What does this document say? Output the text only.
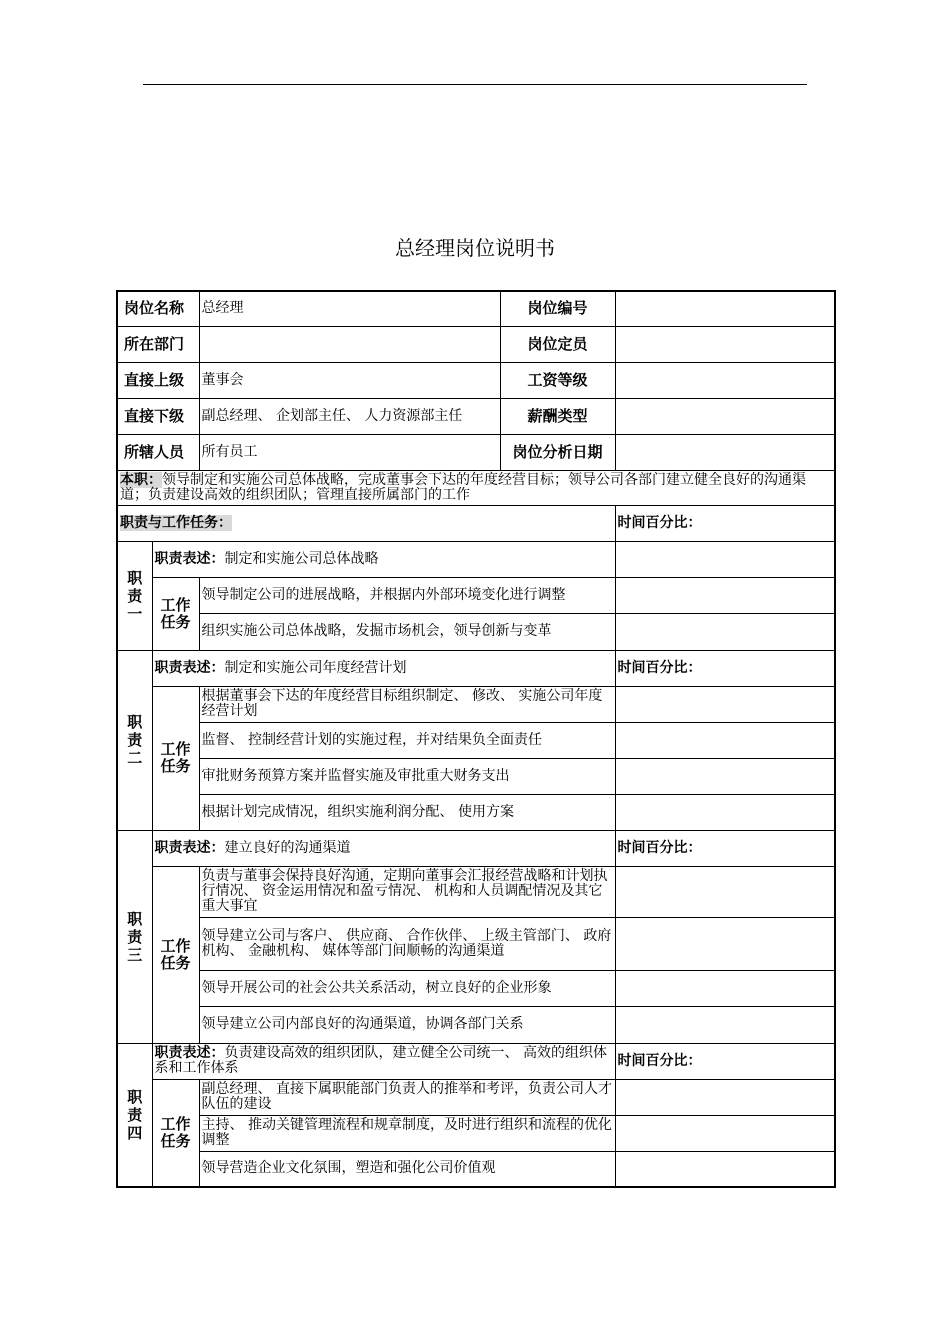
总经理岗位说明书
岗位名称		总经理	岗位编号	
所在部门			岗位定员	
直接上级		董事会	工资等级	
直接下级		副总经理、 企划部主任、 人力资源部主任	薪酬类型	
所辖人员		所有员工	岗位分析日期	
本职：领导制定和实施公司总体战略，完成董事会下达的年度经营目标；领导公司各部门建立健全良好的沟通渠道；负责建设高效的组织团队；管理直接所属部门的工作				
职责与工作任务：				时间百分比：
职责一	职责表述：制定和实施公司总体战略			
	工作任务	领导制定公司的进展战略，并根据内外部环境变化进行调整		
		组织实施公司总体战略，发掘市场机会，领导创新与变革		
职责二	职责表述：制定和实施公司年度经营计划			时间百分比：
	工作任务	根据董事会下达的年度经营目标组织制定、 修改、 实施公司年度经营计划		
		监督、 控制经营计划的实施过程，并对结果负全面责任		
		审批财务预算方案并监督实施及审批重大财务支出		
		根据计划完成情况，组织实施利润分配、 使用方案		
职责三	职责表述：建立良好的沟通渠道			时间百分比：
	工作任务	负责与董事会保持良好沟通，定期向董事会汇报经营战略和计划执行情况、 资金运用情况和盈亏情况、 机构和人员调配情况及其它重大事宜		
		领导建立公司与客户、 供应商、 合作伙伴、 上级主管部门、 政府机构、 金融机构、 媒体等部门间顺畅的沟通渠道		
		领导开展公司的社会公共关系活动，树立良好的企业形象		
		领导建立公司内部良好的沟通渠道，协调各部门关系		
职责四	职责表述：负责建设高效的组织团队，建立健全公司统一、 高效的组织体系和工作体系			时间百分比：
	工作任务	副总经理、 直接下属职能部门负责人的推举和考评，负责公司人才队伍的建设		
		主持、 推动关键管理流程和规章制度，及时进行组织和流程的优化调整		
		领导营造企业文化氛围，塑造和强化公司价值观		
